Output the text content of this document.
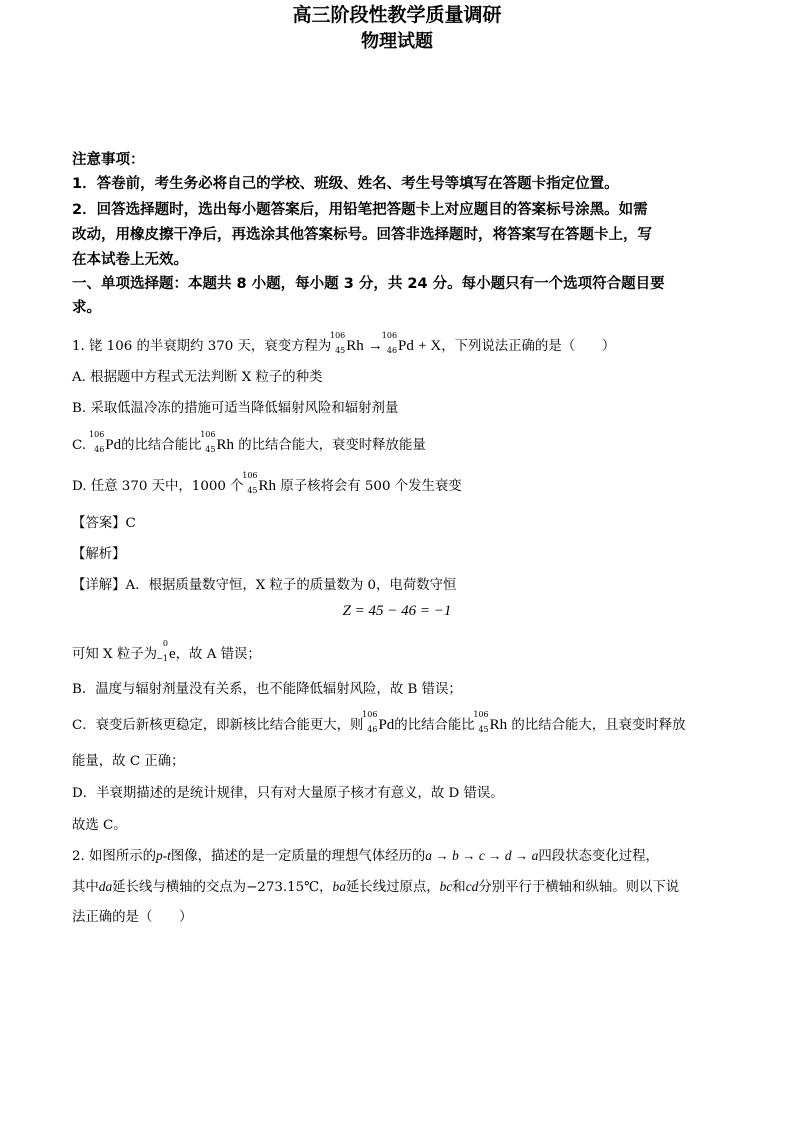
高三阶段性教学质量调研
物理试题
注意事项：
1．答卷前，考生务必将自己的学校、班级、姓名、考生号等填写在答题卡指定位置。
2．回答选择题时，选出每小题答案后，用铅笔把答题卡上对应题目的答案标号涂黑。如需
改动，用橡皮擦干净后，再选涂其他答案标号。回答非选择题时，将答案写在答题卡上，写
在本试卷上无效。
一、单项选择题：本题共 8 小题，每小题 3 分，共 24 分。每小题只有一个选项符合题目要
求。
1. 铑 106 的半衰期约 370 天，衰变方程为
106
45 Rh →
106
46 Pd + X，下列说法正确的是（　　）
A. 根据题中方程式无法判断 X 粒子的种类
B. 采取低温冷冻的措施可适当降低辐射风险和辐射剂量
C.
106
46 Pd的比结合能比
106
45 Rh 的比结合能大，衰变时释放能量
D. 任意 370 天中，1000 个
106
45 Rh 原子核将会有 500 个发生衰变
【答案】C
【解析】
【详解】A．根据质量数守恒，X 粒子的质量数为 0，电荷数守恒
Z = 45 − 46 = −1
可知 X 粒子为
0
−1 e，故 A 错误；
B．温度与辐射剂量没有关系，也不能降低辐射风险，故 B 错误；
C．衰变后新核更稳定，即新核比结合能更大，则
106
46 Pd的比结合能比
106
45 Rh 的比结合能大，且衰变时释放
能量，故 C 正确；
D．半衰期描述的是统计规律，只有对大量原子核才有意义，故 D 错误。
故选 C。
2. 如图所示的p-t图像，描述的是一定质量的理想气体经历的a → b → c → d → a四段状态变化过程，
其中da延长线与横轴的交点为−273.15℃，ba延长线过原点，bc和cd分别平行于横轴和纵轴。则以下说
法正确的是（　　）
